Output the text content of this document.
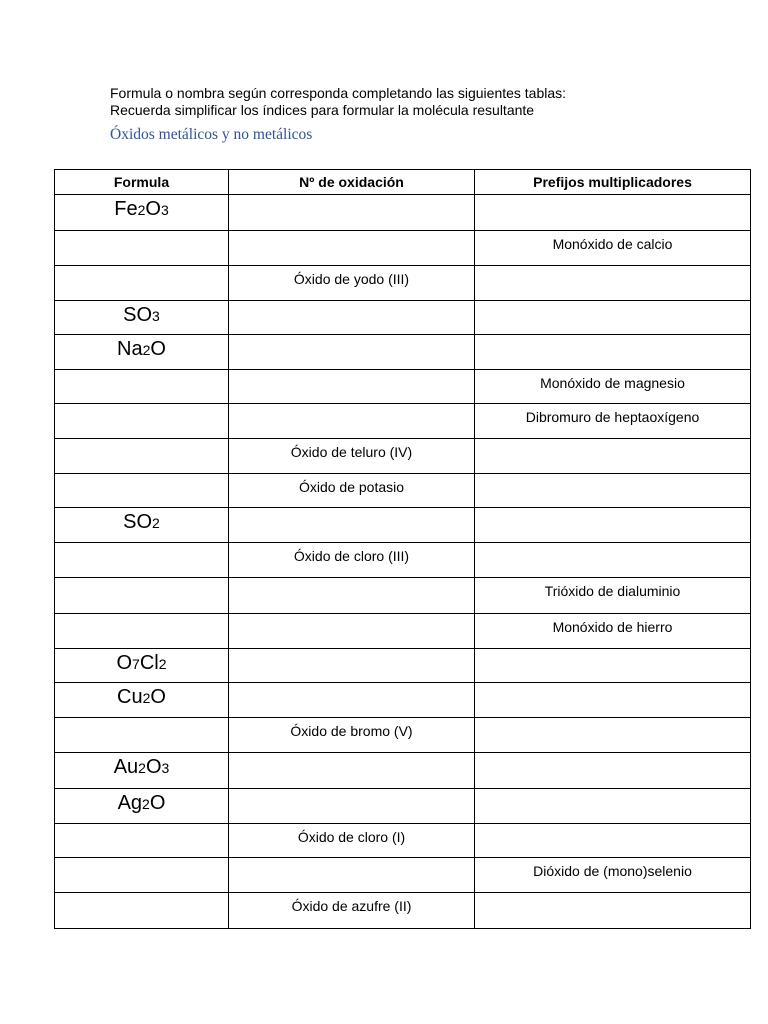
Formula o nombra según corresponda completando las siguientes tablas:

Recuerda simplificar los índices para formular la molécula resultante

Óxidos metálicos y no metálicos
Formula	Nº de oxidación	Prefijos multiplicadores
Fe2O3		
		Monóxido de calcio
	Óxido de yodo (III)	
SO3		
Na2O		
		Monóxido de magnesio
		Dibromuro de heptaoxígeno
	Óxido de teluro (IV)	
	Óxido de potasio	
SO2		
	Óxido de cloro (III)	
		Trióxido de dialuminio
		Monóxido de hierro
O7Cl2		
Cu2O		
	Óxido de bromo (V)	
Au2O3		
Ag2O		
	Óxido de cloro (I)	
		Dióxido de (mono)selenio
	Óxido de azufre (II)	
